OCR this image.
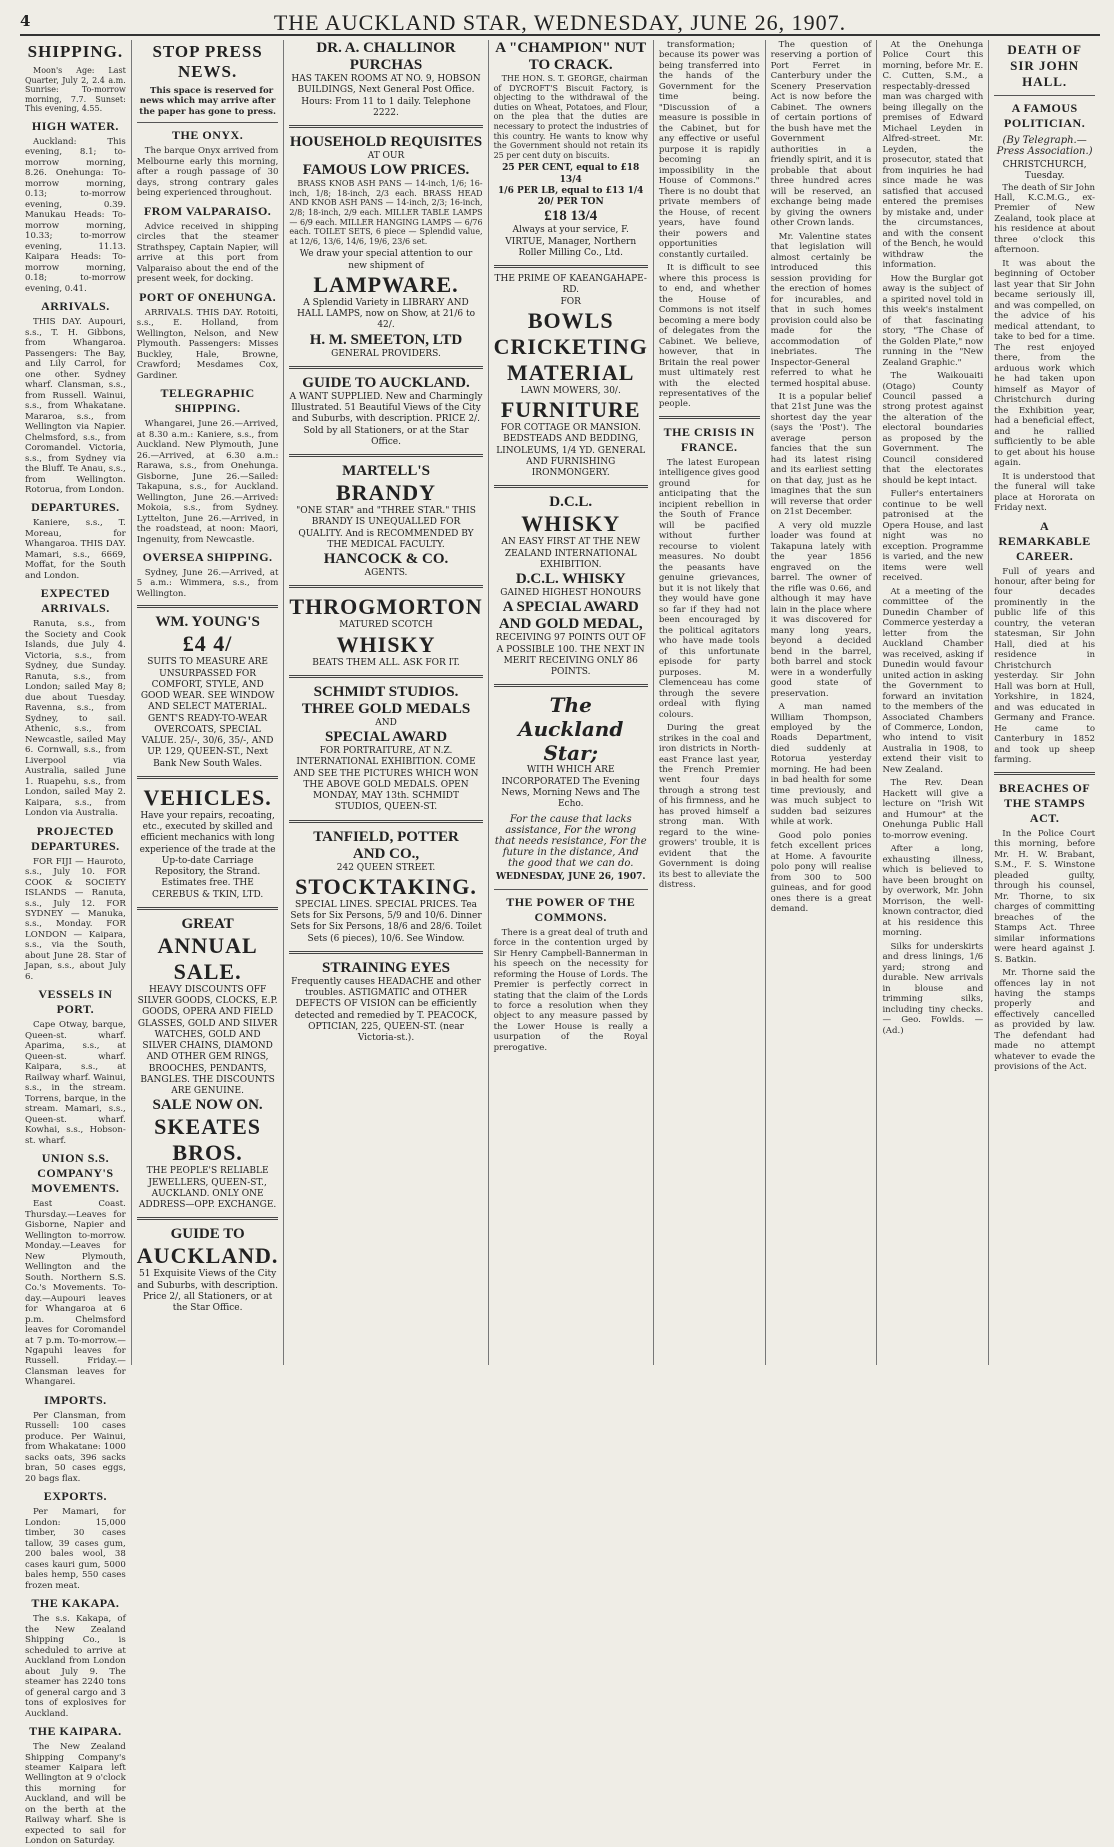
4	THE AUCKLAND STAR, WEDNESDAY, JUNE 26, 1907.
SHIPPING.
Moon's Age: Last Quarter, July 2, 2.4 a.m. Sunrise: To-morrow morning, 7.7. Sunset: This evening, 4.55.
HIGH WATER.
Auckland: This evening, 8.1; to-morrow morning, 8.26. Onehunga: To-morrow morning, 0.13; to-morrow evening, 0.39. Manukau Heads: To-morrow morning, 10.33; to-morrow evening, 11.13. Kaipara Heads: To-morrow morning, 0.18; to-morrow evening, 0.41.
ARRIVALS.
THIS DAY. Aupouri, s.s., T. H. Gibbons, from Whangaroa. Passengers: The Bay, and Lily Carrol, for one other. Sydney wharf. Clansman, s.s., from Russell. Wainui, s.s., from Whakatane. Mararoa, s.s., from Wellington via Napier. Chelmsford, s.s., from Coromandel. Victoria, s.s., from Sydney via the Bluff. Te Anau, s.s., from Wellington. Rotorua, from London.
DEPARTURES.
Kaniere, s.s., T. Moreau, for Whangaroa. THIS DAY. Mamari, s.s., 6669, Moffat, for the South and London.
EXPECTED ARRIVALS.
Ranuta, s.s., from the Society and Cook Islands, due July 4. Victoria, s.s., from Sydney, due Sunday. Ranuta, s.s., from London; sailed May 8; due about Tuesday. Ravenna, s.s., from Sydney, to sail. Athenic, s.s., from Newcastle, sailed May 6. Cornwall, s.s., from Liverpool via Australia, sailed June 1. Ruapehu, s.s., from London, sailed May 2. Kaipara, s.s., from London via Australia.
PROJECTED DEPARTURES.
FOR FIJI — Hauroto, s.s., July 10. FOR COOK & SOCIETY ISLANDS — Ranuta, s.s., July 12. FOR SYDNEY — Manuka, s.s., Monday. FOR LONDON — Kaipara, s.s., via the South, about June 28. Star of Japan, s.s., about July 6.
VESSELS IN PORT.
Cape Otway, barque, Queen-st. wharf. Aparima, s.s., at Queen-st. wharf. Kaipara, s.s., at Railway wharf. Wainui, s.s., in the stream. Torrens, barque, in the stream. Mamari, s.s., Queen-st. wharf. Kowhai, s.s., Hobson-st. wharf.
UNION S.S. COMPANY'S MOVEMENTS.
East Coast. Thursday.—Leaves for Gisborne, Napier and Wellington to-morrow. Monday.—Leaves for New Plymouth, Wellington and the South. Northern S.S. Co.'s Movements. To-day.—Aupouri leaves for Whangaroa at 6 p.m. Chelmsford leaves for Coromandel at 7 p.m. To-morrow.—Ngapuhi leaves for Russell. Friday.—Clansman leaves for Whangarei.
IMPORTS.
Per Clansman, from Russell: 100 cases produce. Per Wainui, from Whakatane: 1000 sacks oats, 396 sacks bran, 50 cases eggs, 20 bags flax.
EXPORTS.
Per Mamari, for London: 15,000 timber, 30 cases tallow, 39 cases gum, 200 bales wool, 38 cases kauri gum, 5000 bales hemp, 550 cases frozen meat.
THE KAKAPA.
The s.s. Kakapa, of the New Zealand Shipping Co., is scheduled to arrive at Auckland from London about July 9. The steamer has 2240 tons of general cargo and 3 tons of explosives for Auckland.
THE KAIPARA.
The New Zealand Shipping Company's steamer Kaipara left Wellington at 9 o'clock this morning for Auckland, and will be on the berth at the Railway wharf. She is expected to sail for London on Saturday.
STOP PRESS NEWS.
This space is reserved for news which may arrive after the paper has gone to press.
THE ONYX.
The barque Onyx arrived from Melbourne early this morning, after a rough passage of 30 days, strong contrary gales being experienced throughout.
FROM VALPARAISO.
Advice received in shipping circles that the steamer Strathspey, Captain Napier, will arrive at this port from Valparaiso about the end of the present week, for docking.
PORT OF ONEHUNGA.
ARRIVALS. THIS DAY. Rotoiti, s.s., E. Holland, from Wellington, Nelson, and New Plymouth. Passengers: Misses Buckley, Hale, Browne, Crawford; Mesdames Cox, Gardiner.
TELEGRAPHIC SHIPPING.
Whangarei, June 26.—Arrived, at 8.30 a.m.: Kaniere, s.s., from Auckland. New Plymouth, June 26.—Arrived, at 6.30 a.m.: Rarawa, s.s., from Onehunga. Gisborne, June 26.—Sailed: Takapuna, s.s., for Auckland. Wellington, June 26.—Arrived: Mokoia, s.s., from Sydney. Lyttelton, June 26.—Arrived, in the roadstead, at noon: Maori, Ingenuity, from Newcastle.
OVERSEA SHIPPING.
Sydney, June 26.—Arrived, at 5 a.m.: Wimmera, s.s., from Wellington.
WM. YOUNG'S
£4 4/
SUITS TO MEASURE ARE UNSURPASSED FOR COMFORT, STYLE, AND GOOD WEAR. SEE WINDOW AND SELECT MATERIAL. GENT'S READY-TO-WEAR OVERCOATS, SPECIAL VALUE. 25/-, 30/6, 35/-, AND UP. 129, QUEEN-ST., Next Bank New South Wales.
VEHICLES.
Have your repairs, recoating, etc., executed by skilled and efficient mechanics with long experience of the trade at the Up-to-date Carriage Repository, the Strand. Estimates free. THE CEREBUS & TKIN, LTD.
GREAT
ANNUAL SALE.
HEAVY DISCOUNTS OFF SILVER GOODS, CLOCKS, E.P. GOODS, OPERA AND FIELD GLASSES, GOLD AND SILVER WATCHES, GOLD AND SILVER CHAINS, DIAMOND AND OTHER GEM RINGS, BROOCHES, PENDANTS, BANGLES. THE DISCOUNTS ARE GENUINE.
SALE NOW ON.
SKEATES BROS.
THE PEOPLE'S RELIABLE JEWELLERS, QUEEN-ST., AUCKLAND. ONLY ONE ADDRESS—OPP. EXCHANGE.
GUIDE TO
AUCKLAND.
51 Exquisite Views of the City and Suburbs, with description. Price 2/, all Stationers, or at the Star Office.
DR. A. CHALLINOR PURCHAS
HAS TAKEN ROOMS AT NO. 9, HOBSON BUILDINGS, Next General Post Office. Hours: From 11 to 1 daily. Telephone 2222.
HOUSEHOLD REQUISITES
AT OUR
FAMOUS LOW PRICES.
BRASS KNOB ASH PANS — 14-inch, 1/6; 16-inch, 1/8; 18-inch, 2/3 each. BRASS HEAD AND KNOB ASH PANS — 14-inch, 2/3; 16-inch, 2/8; 18-inch, 2/9 each. MILLER TABLE LAMPS — 6/9 each. MILLER HANGING LAMPS — 6/76 each. TOILET SETS, 6 piece — Splendid value, at 12/6, 13/6, 14/6, 19/6, 23/6 set.
We draw your special attention to our new shipment of
LAMPWARE.
A Splendid Variety in LIBRARY AND HALL LAMPS, now on Show, at 21/6 to 42/.
H. M. SMEETON, LTD
GENERAL PROVIDERS.
GUIDE TO AUCKLAND.
A WANT SUPPLIED. New and Charmingly Illustrated. 51 Beautiful Views of the City and Suburbs, with description. PRICE 2/. Sold by all Stationers, or at the Star Office.
MARTELL'S
BRANDY
"ONE STAR" and "THREE STAR." THIS BRANDY IS UNEQUALLED FOR QUALITY. And is RECOMMENDED BY THE MEDICAL FACULTY.
HANCOCK & CO.
AGENTS.
THROGMORTON
MATURED SCOTCH
WHISKY
BEATS THEM ALL. ASK FOR IT.
SCHMIDT STUDIOS.
THREE GOLD MEDALS
AND
SPECIAL AWARD
FOR PORTRAITURE, AT N.Z. INTERNATIONAL EXHIBITION. COME AND SEE THE PICTURES WHICH WON THE ABOVE GOLD MEDALS. OPEN MONDAY, MAY 13th. SCHMIDT STUDIOS, QUEEN-ST.
TANFIELD, POTTER
AND CO.,
242 QUEEN STREET.
STOCKTAKING.
SPECIAL LINES. SPECIAL PRICES. Tea Sets for Six Persons, 5/9 and 10/6. Dinner Sets for Six Persons, 18/6 and 28/6. Toilet Sets (6 pieces), 10/6. See Window.
STRAINING EYES
Frequently causes HEADACHE and other troubles. ASTIGMATIC and OTHER DEFECTS OF VISION can be efficiently detected and remedied by T. PEACOCK, OPTICIAN, 225, QUEEN-ST. (near Victoria-st.).
A "CHAMPION" NUT
TO CRACK.
THE HON. S. T. GEORGE, chairman of DYCROFT'S Biscuit Factory, is objecting to the withdrawal of the duties on Wheat, Potatoes, and Flour, on the plea that the duties are necessary to protect the industries of this country. He wants to know why the Government should not retain its 25 per cent duty on biscuits.
25 PER CENT, equal to £18 13/4
1/6 PER LB, equal to £13 1/4
20/ PER TON
£18 13/4
Always at your service, F. VIRTUE, Manager, Northern Roller Milling Co., Ltd.
THE PRIME OF KAEANGAHAPE-RD.
FOR
BOWLS
CRICKETING
MATERIAL
LAWN MOWERS, 30/.
FURNITURE
FOR COTTAGE OR MANSION. BEDSTEADS AND BEDDING, LINOLEUMS, 1/4 YD. GENERAL AND FURNISHING IRONMONGERY.
D.C.L.
WHISKY
AN EASY FIRST AT THE NEW ZEALAND INTERNATIONAL EXHIBITION.
D.C.L. WHISKY
GAINED HIGHEST HONOURS
A SPECIAL AWARD
AND GOLD MEDAL,
RECEIVING 97 POINTS OUT OF A POSSIBLE 100. THE NEXT IN MERIT RECEIVING ONLY 86 POINTS.
The Auckland Star;
WITH WHICH ARE INCORPORATED The Evening News, Morning News and The Echo.
For the cause that lacks assistance, For the wrong that needs resistance, For the future in the distance, And the good that we can do.
WEDNESDAY, JUNE 26, 1907.
THE POWER OF THE COMMONS.
There is a great deal of truth and force in the contention urged by Sir Henry Campbell-Bannerman in his speech on the necessity for reforming the House of Lords. The Premier is perfectly correct in stating that the claim of the Lords to force a resolution when they object to any measure passed by the Lower House is really a usurpation of the Royal prerogative.
transformation; because its power was being transferred into the hands of the Government for the time being. "Discussion of a measure is possible in the Cabinet, but for any effective or useful purpose it is rapidly becoming an impossibility in the House of Commons." There is no doubt that private members of the House, of recent years, have found their powers and opportunities constantly curtailed.
It is difficult to see where this process is to end, and whether the House of Commons is not itself becoming a mere body of delegates from the Cabinet. We believe, however, that in Britain the real power must ultimately rest with the elected representatives of the people.
THE CRISIS IN FRANCE.
The latest European intelligence gives good ground for anticipating that the incipient rebellion in the South of France will be pacified without further recourse to violent measures. No doubt the peasants have genuine grievances, but it is not likely that they would have gone so far if they had not been encouraged by the political agitators who have made tools of this unfortunate episode for party purposes. M. Clemenceau has come through the severe ordeal with flying colours.
During the great strikes in the coal and iron districts in North-east France last year, the French Premier went four days through a strong test of his firmness, and he has proved himself a strong man. With regard to the wine-growers' trouble, it is evident that the Government is doing its best to alleviate the distress.
The question of reserving a portion of Port Ferret in Canterbury under the Scenery Preservation Act is now before the Cabinet. The owners of certain portions of the bush have met the Government authorities in a friendly spirit, and it is probable that about three hundred acres will be reserved, an exchange being made by giving the owners other Crown lands.
Mr. Valentine states that legislation will almost certainly be introduced this session providing for the erection of homes for incurables, and that in such homes provision could also be made for the accommodation of inebriates. The Inspector-General referred to what he termed hospital abuse.
It is a popular belief that 21st June was the shortest day the year (says the 'Post'). The average person fancies that the sun had its latest rising and its earliest setting on that day, just as he imagines that the sun will reverse that order on 21st December.
A very old muzzle loader was found at Takapuna lately with the year 1856 engraved on the barrel. The owner of the rifle was 0.66, and although it may have lain in the place where it was discovered for many long years, beyond a decided bend in the barrel, both barrel and stock were in a wonderfully good state of preservation.
A man named William Thompson, employed by the Roads Department, died suddenly at Rotorua yesterday morning. He had been in bad health for some time previously, and was much subject to sudden bad seizures while at work.
Good polo ponies fetch excellent prices at Home. A favourite polo pony will realise from 300 to 500 guineas, and for good ones there is a great demand.
At the Onehunga Police Court this morning, before Mr. E. C. Cutten, S.M., a respectably-dressed man was charged with being illegally on the premises of Edward Michael Leyden in Alfred-street. Mr. Leyden, the prosecutor, stated that from inquiries he had since made he was satisfied that accused entered the premises by mistake and, under the circumstances, and with the consent of the Bench, he would withdraw the information.
How the Burglar got away is the subject of a spirited novel told in this week's instalment of that fascinating story, "The Chase of the Golden Plate," now running in the "New Zealand Graphic."
The Waikouaiti (Otago) County Council passed a strong protest against the alteration of the electoral boundaries as proposed by the Government. The Council considered that the electorates should be kept intact.
Fuller's entertainers continue to be well patronised at the Opera House, and last night was no exception. Programme is varied, and the new items were well received.
At a meeting of the committee of the Dunedin Chamber of Commerce yesterday a letter from the Auckland Chamber was received, asking if Dunedin would favour united action in asking the Government to forward an invitation to the members of the Associated Chambers of Commerce, London, who intend to visit Australia in 1908, to extend their visit to New Zealand.
The Rev. Dean Hackett will give a lecture on "Irish Wit and Humour" at the Onehunga Public Hall to-morrow evening.
After a long, exhausting illness, which is believed to have been brought on by overwork, Mr. John Morrison, the well-known contractor, died at his residence this morning.
Silks for underskirts and dress linings, 1/6 yard; strong and durable. New arrivals in blouse and trimming silks, including tiny checks. — Geo. Fowlds. — (Ad.)
DEATH OF SIR JOHN HALL.
A FAMOUS POLITICIAN.
(By Telegraph.—Press Association.)
CHRISTCHURCH, Tuesday.
The death of Sir John Hall, K.C.M.G., ex-Premier of New Zealand, took place at his residence at about three o'clock this afternoon.
It was about the beginning of October last year that Sir John became seriously ill, and was compelled, on the advice of his medical attendant, to take to bed for a time. The rest enjoyed there, from the arduous work which he had taken upon himself as Mayor of Christchurch during the Exhibition year, had a beneficial effect, and he rallied sufficiently to be able to get about his house again.
It is understood that the funeral will take place at Hororata on Friday next.
A REMARKABLE CAREER.
Full of years and honour, after being for four decades prominently in the public life of this country, the veteran statesman, Sir John Hall, died at his residence in Christchurch yesterday. Sir John Hall was born at Hull, Yorkshire, in 1824, and was educated in Germany and France. He came to Canterbury in 1852 and took up sheep farming.
BREACHES OF THE STAMPS ACT.
In the Police Court this morning, before Mr. H. W. Brabant, S.M., F. S. Winstone pleaded guilty, through his counsel, Mr. Thorne, to six charges of committing breaches of the Stamps Act. Three similar informations were heard against J. S. Batkin.
Mr. Thorne said the offences lay in not having the stamps properly and effectively cancelled as provided by law. The defendant had made no attempt whatever to evade the provisions of the Act.
